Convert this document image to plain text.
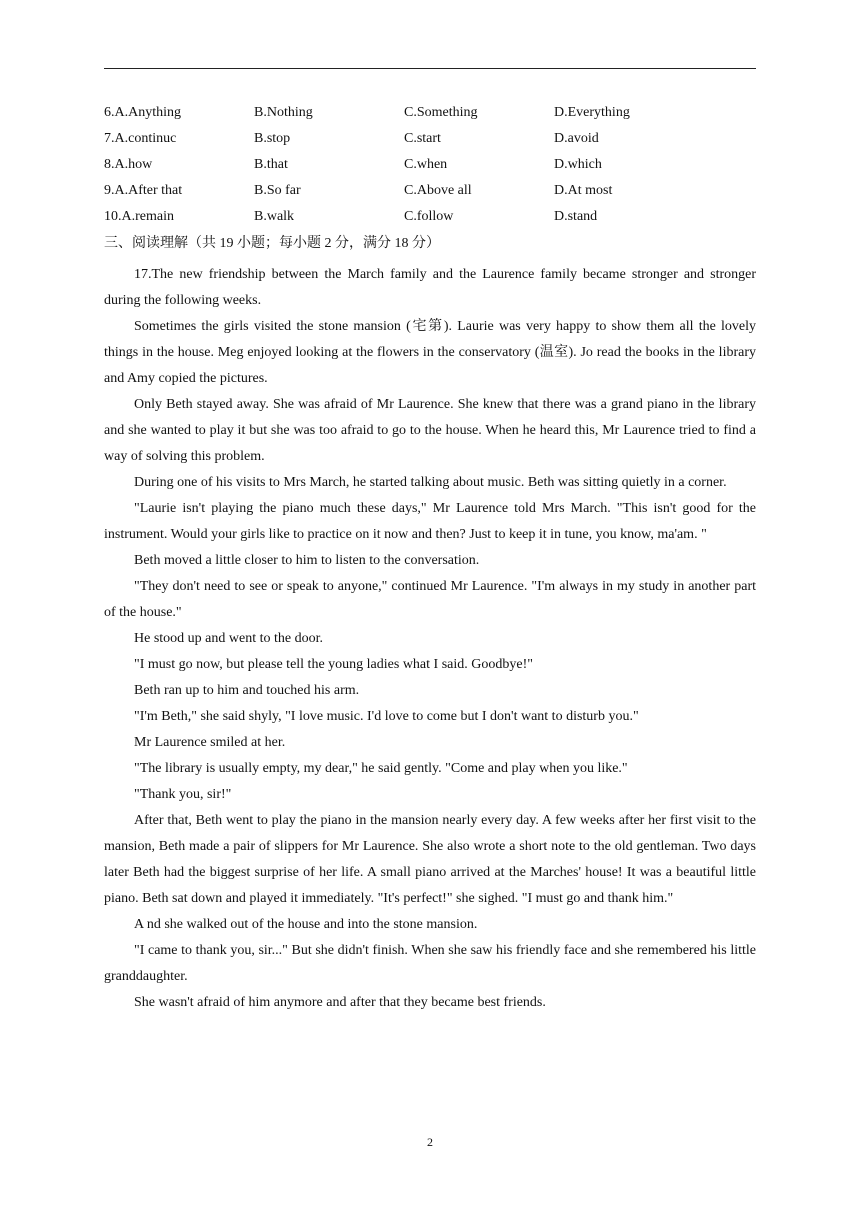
6.A.Anything	B.Nothing	C.Something	D.Everything
7.A.continuc	B.stop	C.start	D.avoid
8.A.how	B.that	C.when	D.which
9.A.After that	B.So far	C.Above all	D.At most
10.A.remain	B.walk	C.follow	D.stand
三、阅读理解（共 19 小题；每小题 2 分，满分 18 分）

17.The new friendship between the March family and the Laurence family became stronger and stronger during the following weeks.

Sometimes the girls visited the stone mansion (宅第). Laurie was very happy to show them all the lovely things in the house. Meg enjoyed looking at the flowers in the conservatory (温室). Jo read the books in the library and Amy copied the pictures.

Only Beth stayed away. She was afraid of Mr Laurence. She knew that there was a grand piano in the library and she wanted to play it but she was too afraid to go to the house. When he heard this, Mr Laurence tried to find a way of solving this problem.

During one of his visits to Mrs March, he started talking about music. Beth was sitting quietly in a corner.

"Laurie isn't playing the piano much these days," Mr Laurence told Mrs March. "This isn't good for the instrument. Would your girls like to practice on it now and then? Just to keep it in tune, you know, ma'am. "

Beth moved a little closer to him to listen to the conversation.

"They don't need to see or speak to anyone," continued Mr Laurence. "I'm always in my study in another part of the house."

He stood up and went to the door.

"I must go now, but please tell the young ladies what I said. Goodbye!"

Beth ran up to him and touched his arm.

"I'm Beth," she said shyly, "I love music. I'd love to come but I don't want to disturb you."

Mr Laurence smiled at her.

"The library is usually empty, my dear," he said gently. "Come and play when you like."

"Thank you, sir!"

After that, Beth went to play the piano in the mansion nearly every day. A few weeks after her first visit to the mansion, Beth made a pair of slippers for Mr Laurence. She also wrote a short note to the old gentleman. Two days later Beth had the biggest surprise of her life. A small piano arrived at the Marches' house! It was a beautiful little piano. Beth sat down and played it immediately. "It's perfect!" she sighed. "I must go and thank him."

A nd she walked out of the house and into the stone mansion.

"I came to thank you, sir..." But she didn't finish. When she saw his friendly face and she remembered his little granddaughter.

She wasn't afraid of him anymore and after that they became best friends.

2
